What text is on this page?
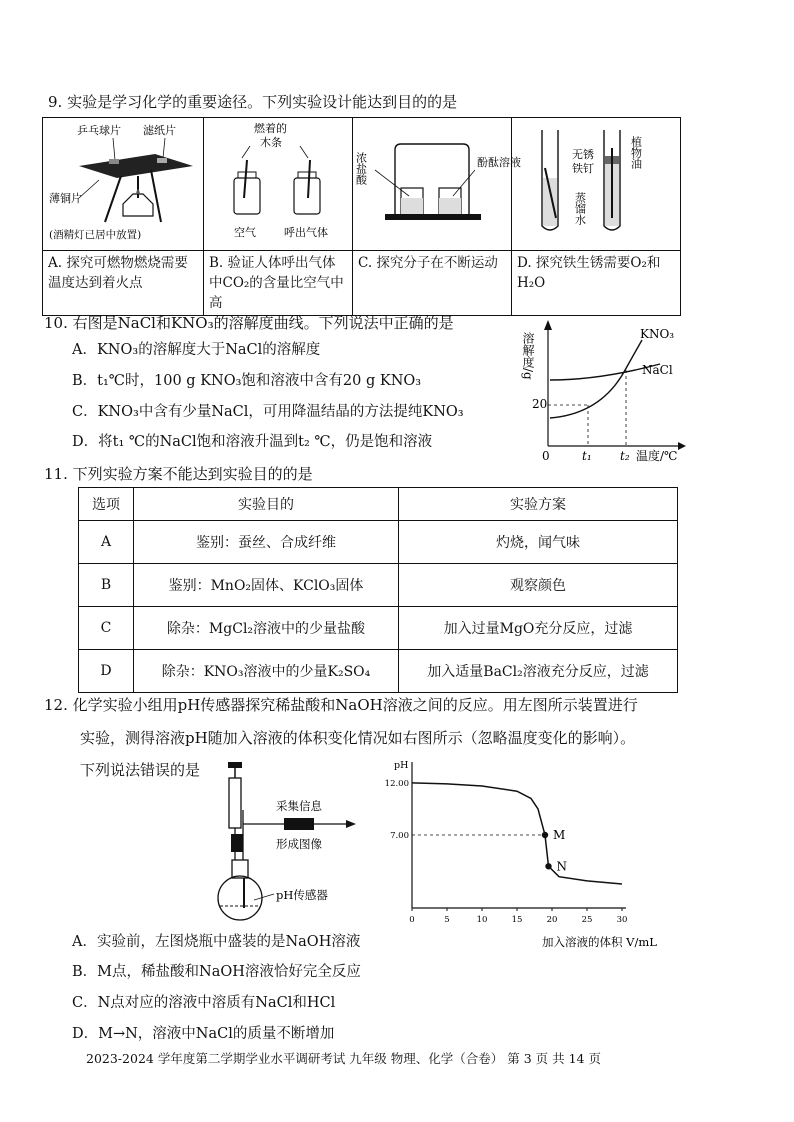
9. 实验是学习化学的重要途径。下列实验设计能达到目的的是
乒乓球片 滤纸片
薄铜片
(酒精灯已居中放置)	燃着的
木条
空气 呼出气体	浓盐酸 酚酞溶液	无锈
铁钉
蒸馏水
植物油

A. 探究可燃物燃烧需要温度达到着火点	B. 验证人体呼出气体中CO₂的含量比空气中高	C. 探究分子在不断运动	D. 探究铁生锈需要O₂和H₂O
10. 右图是NaCl和KNO₃的溶解度曲线。下列说法中正确的是
A．KNO₃的溶解度大于NaCl的溶解度
B．t₁℃时，100 g KNO₃饱和溶液中含有20 g KNO₃
C．KNO₃中含有少量NaCl，可用降温结晶的方法提纯KNO₃
D．将t₁ ℃的NaCl饱和溶液升温到t₂ ℃，仍是饱和溶液
溶解度/g
0
20
t₁ t₂ 温度/℃
KNO₃
NaCl
11. 下列实验方案不能达到实验目的的是
选项	实验目的	实验方案
A	鉴别：蚕丝、合成纤维	灼烧，闻气味
B	鉴别：MnO₂固体、KClO₃固体	观察颜色
C	除杂：MgCl₂溶液中的少量盐酸	加入过量MgO充分反应，过滤
D	除杂：KNO₃溶液中的少量K₂SO₄	加入适量BaCl₂溶液充分反应，过滤
12. 化学实验小组用pH传感器探究稀盐酸和NaOH溶液之间的反应。用左图所示装置进行
实验，测得溶液pH随加入溶液的体积变化情况如右图所示（忽略温度变化的影响）。
下列说法错误的是
采集信息
形成图像
pH传感器
pH
0	5	10	15	20	25	30
7.00
12.00
M
N
加入溶液的体积 V/mL
A．实验前，左图烧瓶中盛装的是NaOH溶液
B．M点，稀盐酸和NaOH溶液恰好完全反应
C．N点对应的溶液中溶质有NaCl和HCl
D．M→N，溶液中NaCl的质量不断增加
2023-2024 学年度第二学期学业水平调研考试 九年级 物理、化学（合卷） 第 3 页 共 14 页
